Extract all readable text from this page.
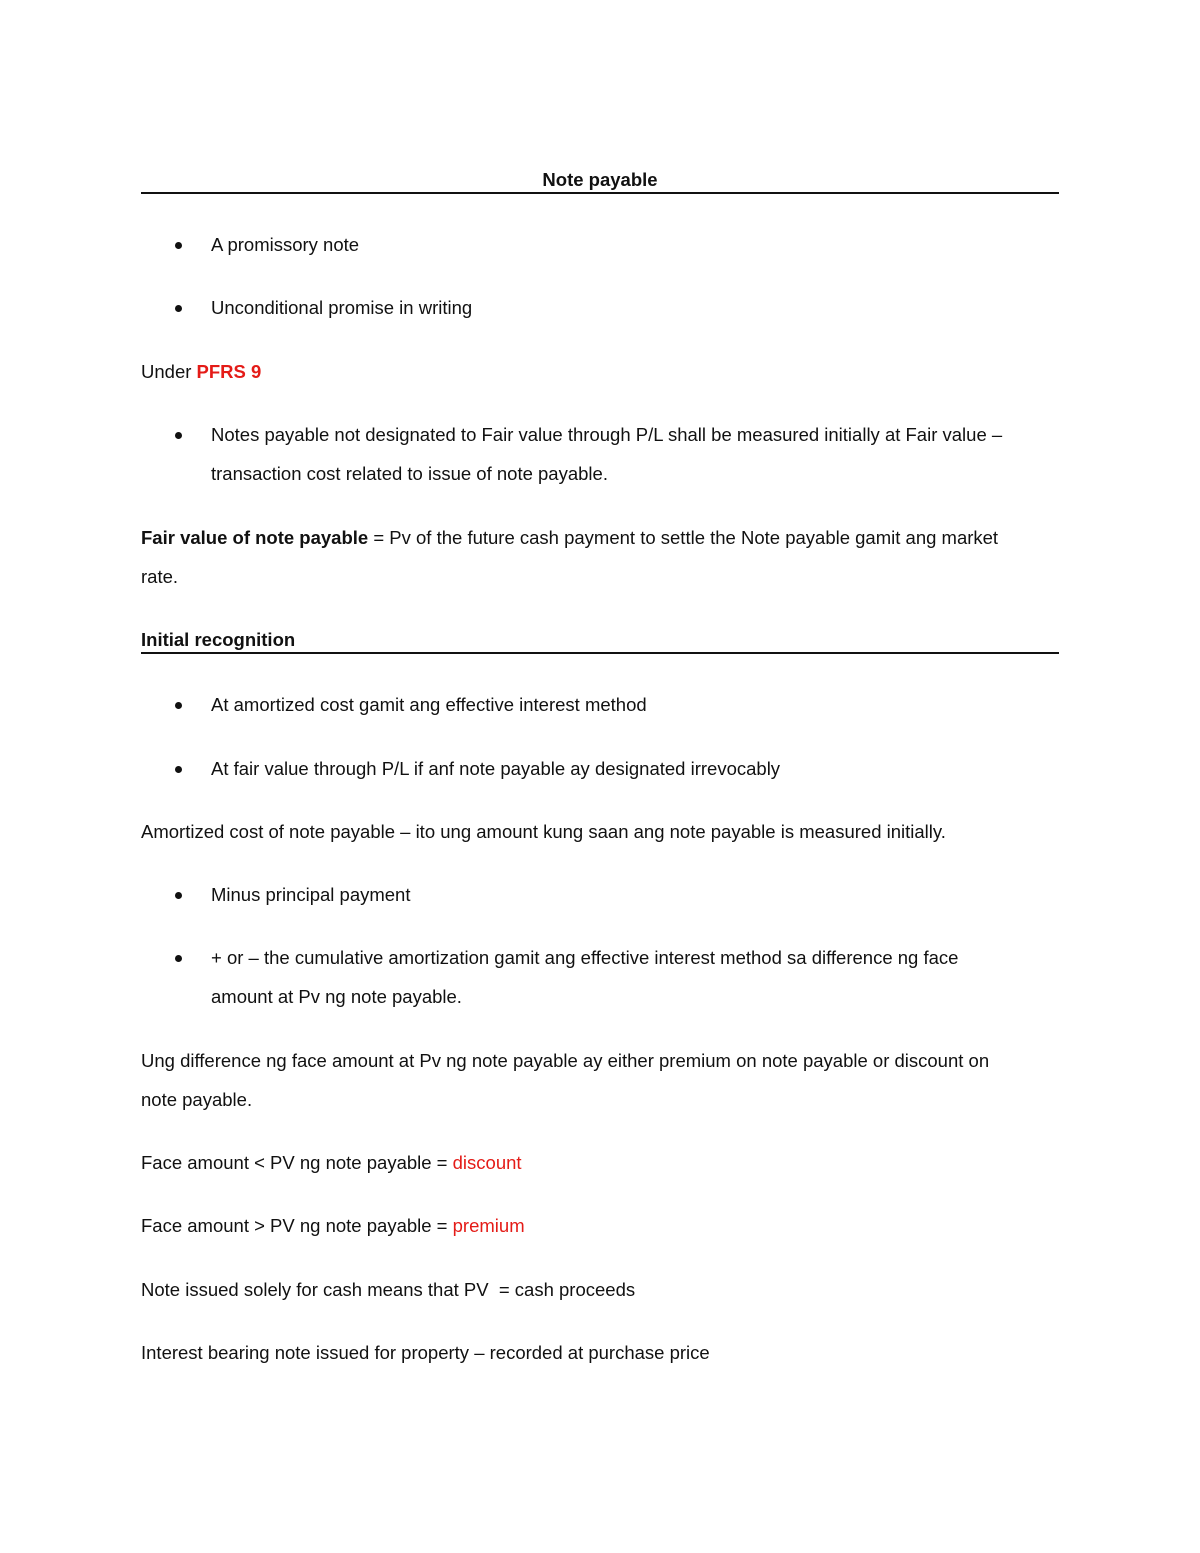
Note payable
A promissory note
Unconditional promise in writing
Under PFRS 9
Notes payable not designated to Fair value through P/L shall be measured initially at Fair value –
transaction cost related to issue of note payable.
Fair value of note payable = Pv of the future cash payment to settle the Note payable gamit ang market
rate.
Initial recognition
At amortized cost gamit ang effective interest method
At fair value through P/L if anf note payable ay designated irrevocably
Amortized cost of note payable – ito ung amount kung saan ang note payable is measured initially.
Minus principal payment
+ or – the cumulative amortization gamit ang effective interest method sa difference ng face
amount at Pv ng note payable.
Ung difference ng face amount at Pv ng note payable ay either premium on note payable or discount on
note payable.
Face amount < PV ng note payable = discount
Face amount > PV ng note payable = premium
Note issued solely for cash means that PV  = cash proceeds
Interest bearing note issued for property – recorded at purchase price
